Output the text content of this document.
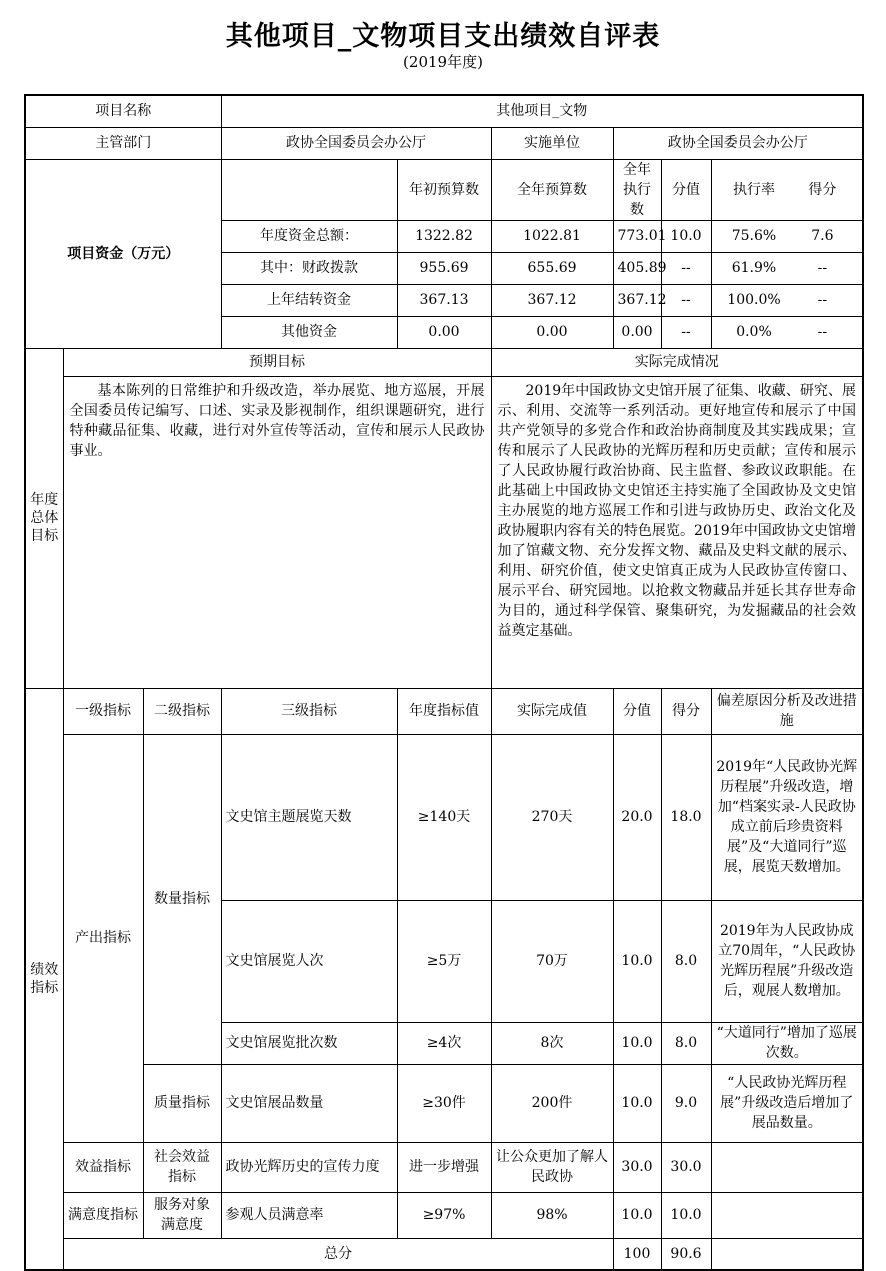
其他项目_文物项目支出绩效自评表
(2019年度)
项目名称			其他项目_文物					
主管部门			政协全国委员会办公厅		实施单位	政协全国委员会办公厅		
项目资金（万元）				年初预算数	全年预算数	全年执行数	分值	执行率 得分
			年度资金总额：	1322.82	1022.81	773.01	10.0	75.6% 7.6
			其中：财政拨款	955.69	655.69	405.89	--	61.9% --
			上年结转资金	367.13	367.12	367.12	--	100.0% --
			其他资金	0.00	0.00	0.00	--	0.0% --
年度总体目标	预期目标				实际完成情况			
	基本陈列的日常维护和升级改造，举办展览、地方巡展，开展全国委员传记编写、口述、实录及影视制作，组织课题研究，进行特种藏品征集、收藏，进行对外宣传等活动，宣传和展示人民政协事业。				2019年中国政协文史馆开展了征集、收藏、研究、展示、利用、交流等一系列活动。更好地宣传和展示了中国共产党领导的多党合作和政治协商制度及其实践成果；宣传和展示了人民政协的光辉历程和历史贡献；宣传和展示了人民政协履行政治协商、民主监督、参政议政职能。在此基础上中国政协文史馆还主持实施了全国政协及文史馆主办展览的地方巡展工作和引进与政协历史、政治文化及政协履职内容有关的特色展览。2019年中国政协文史馆增加了馆藏文物、充分发挥文物、藏品及史料文献的展示、利用、研究价值，使文史馆真正成为人民政协宣传窗口、展示平台、研究园地。以抢救文物藏品并延长其存世寿命为目的，通过科学保管、聚集研究，为发掘藏品的社会效益奠定基础。			
绩效指标	一级指标	二级指标	三级指标	年度指标值	实际完成值	分值	得分	偏差原因分析及改进措施
	产出指标	数量指标	文史馆主题展览天数	≥140天	270天	20.0	18.0	2019年“人民政协光辉历程展”升级改造，增加“档案实录-人民政协成立前后珍贵资料展”及“大道同行”巡展，展览天数增加。
			文史馆展览人次	≥5万	70万	10.0	8.0	2019年为人民政协成立70周年，“人民政协光辉历程展”升级改造后，观展人数增加。
			文史馆展览批次数	≥4次	8次	10.0	8.0	“大道同行”增加了巡展次数。
		质量指标	文史馆展品数量	≥30件	200件	10.0	9.0	“人民政协光辉历程展”升级改造后增加了展品数量。
	效益指标	社会效益指标	政协光辉历史的宣传力度	进一步增强	让公众更加了解人民政协	30.0	30.0	
	满意度指标	服务对象满意度	参观人员满意率	≥97%	98%	10.0	10.0	
	总分					100	90.6	
